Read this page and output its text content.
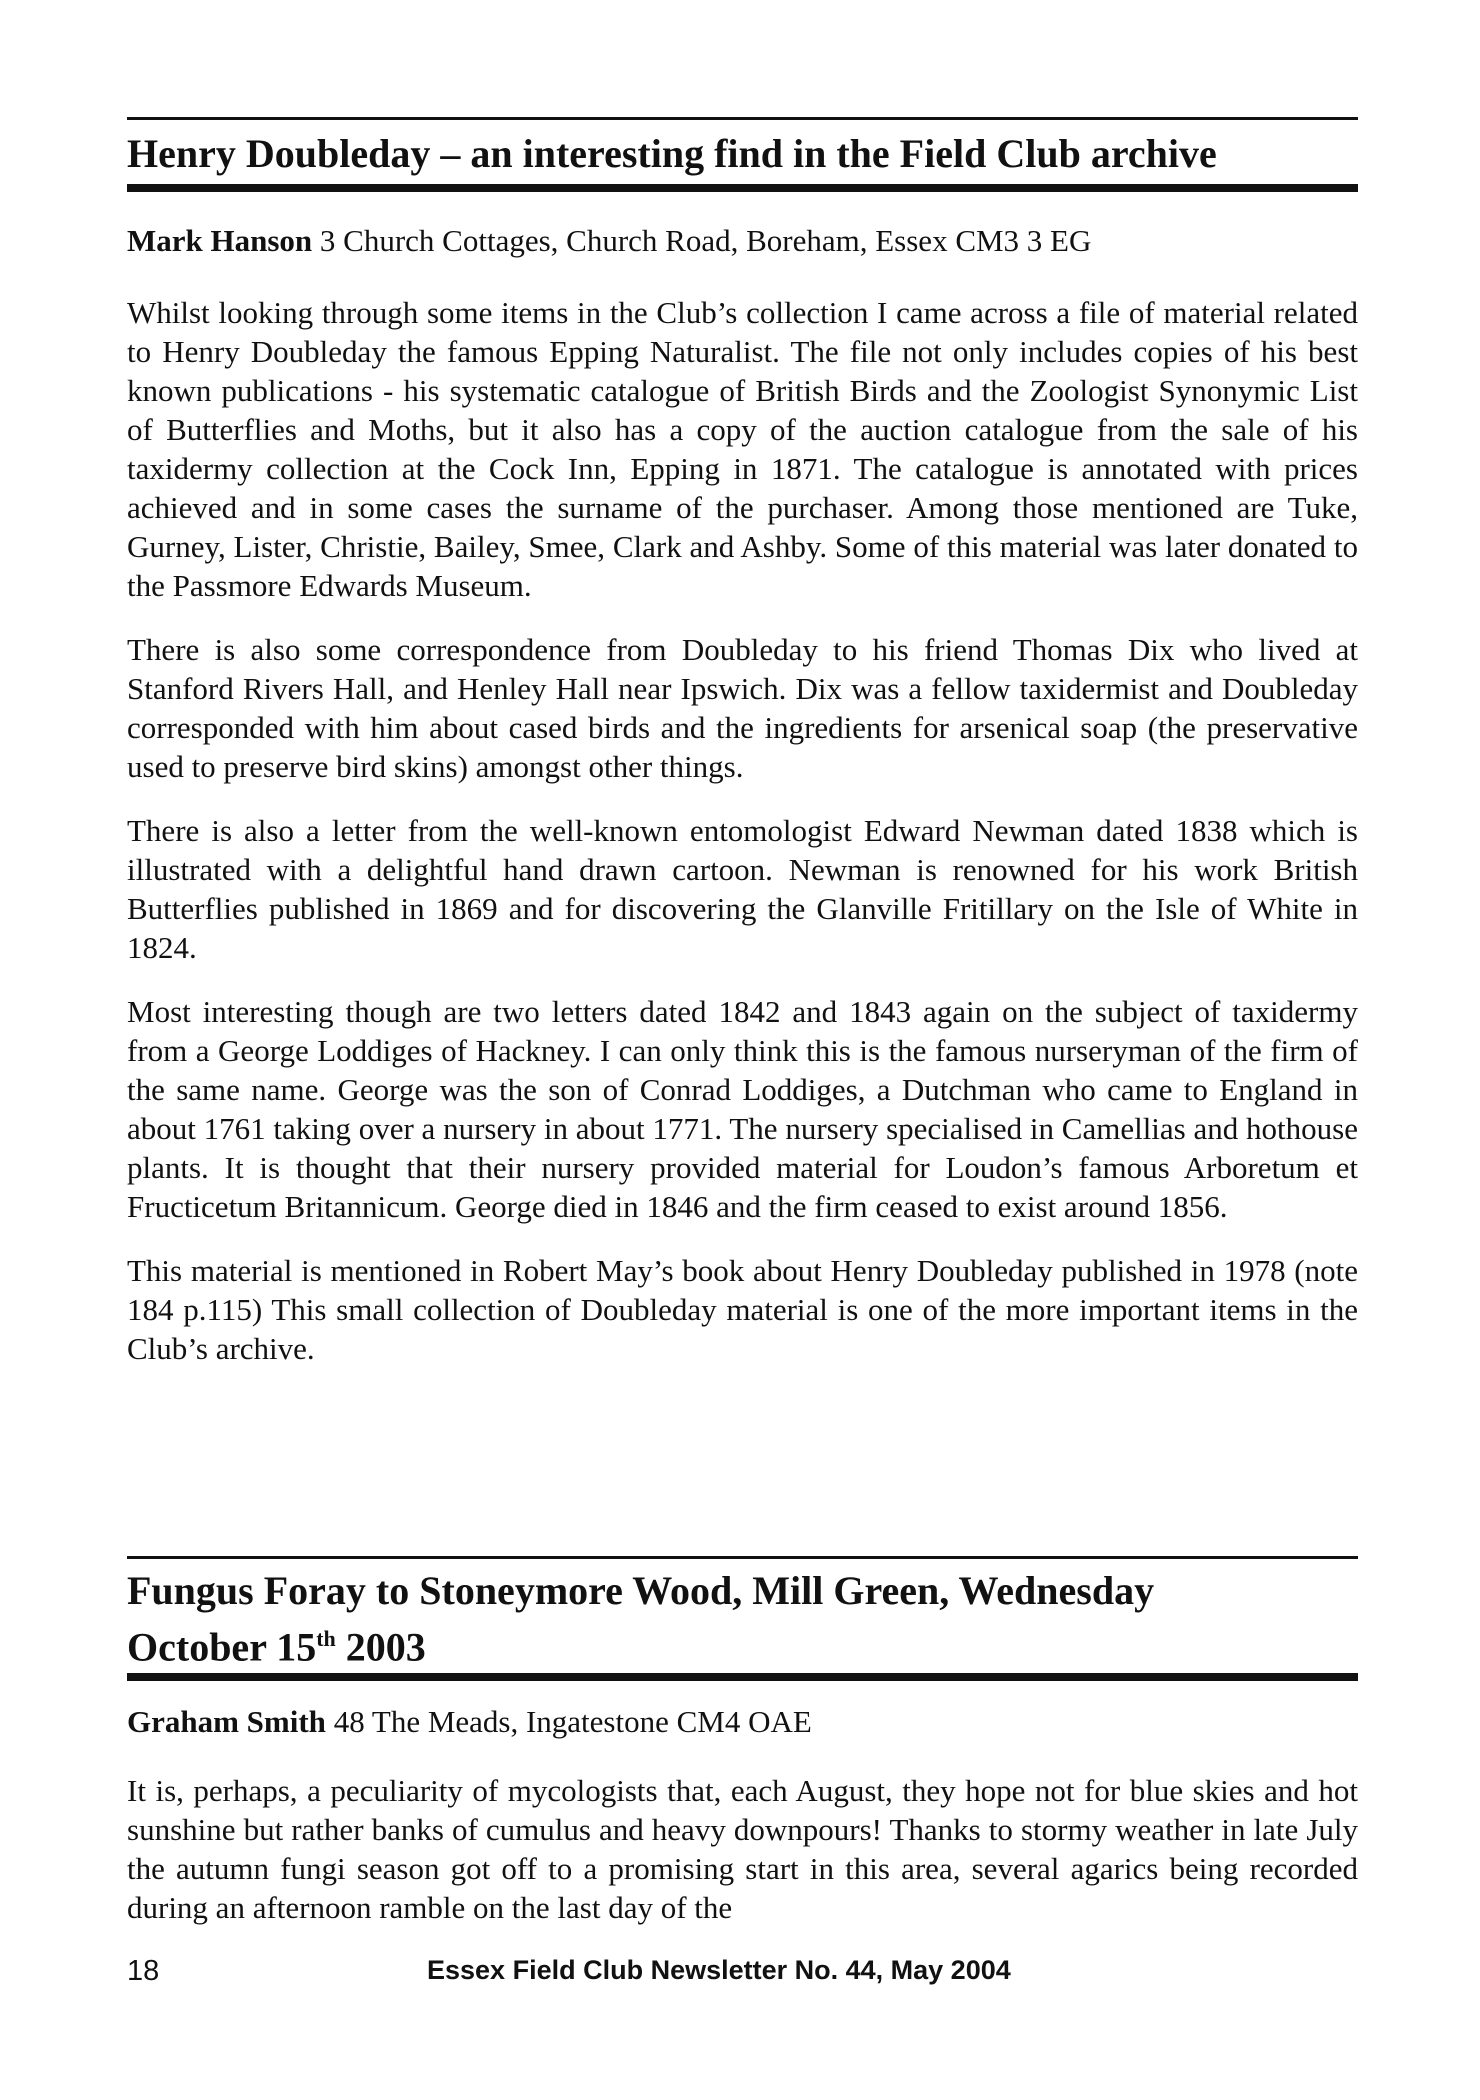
Henry Doubleday – an interesting find in the Field Club archive
Mark Hanson 3 Church Cottages, Church Road, Boreham, Essex CM3 3 EG

Whilst looking through some items in the Club’s collection I came across a file of material related to Henry Doubleday the famous Epping Naturalist. The file not only includes copies of his best known publications - his systematic catalogue of British Birds and the Zoologist Synonymic List of Butterflies and Moths, but it also has a copy of the auction catalogue from the sale of his taxidermy collection at the Cock Inn, Epping in 1871. The catalogue is annotated with prices achieved and in some cases the surname of the purchaser. Among those mentioned are Tuke, Gurney, Lister, Christie, Bailey, Smee, Clark and Ashby. Some of this material was later donated to the Passmore Edwards Museum.

There is also some correspondence from Doubleday to his friend Thomas Dix who lived at Stanford Rivers Hall, and Henley Hall near Ipswich. Dix was a fellow taxidermist and Doubleday corresponded with him about cased birds and the ingredients for arsenical soap (the preservative used to preserve bird skins) amongst other things.

There is also a letter from the well-known entomologist Edward Newman dated 1838 which is illustrated with a delightful hand drawn cartoon. Newman is renowned for his work British Butterflies published in 1869 and for discovering the Glanville Fritillary on the Isle of White in 1824.

Most interesting though are two letters dated 1842 and 1843 again on the subject of taxidermy from a George Loddiges of Hackney. I can only think this is the famous nurseryman of the firm of the same name. George was the son of Conrad Loddiges, a Dutchman who came to England in about 1761 taking over a nursery in about 1771. The nursery specialised in Camellias and hothouse plants. It is thought that their nursery provided material for Loudon’s famous Arboretum et Fructicetum Britannicum. George died in 1846 and the firm ceased to exist around 1856.

This material is mentioned in Robert May’s book about Henry Doubleday published in 1978 (note 184 p.115) This small collection of Doubleday material is one of the more important items in the Club’s archive.

Fungus Foray to Stoneymore Wood, Mill Green, Wednesday
October 15th 2003
Graham Smith 48 The Meads, Ingatestone CM4 OAE

It is, perhaps, a peculiarity of mycologists that, each August, they hope not for blue skies and hot sunshine but rather banks of cumulus and heavy downpours! Thanks to stormy weather in late July the autumn fungi season got off to a promising start in this area, several agarics being recorded during an afternoon ramble on the last day of the

18	Essex Field Club Newsletter No. 44, May 2004
